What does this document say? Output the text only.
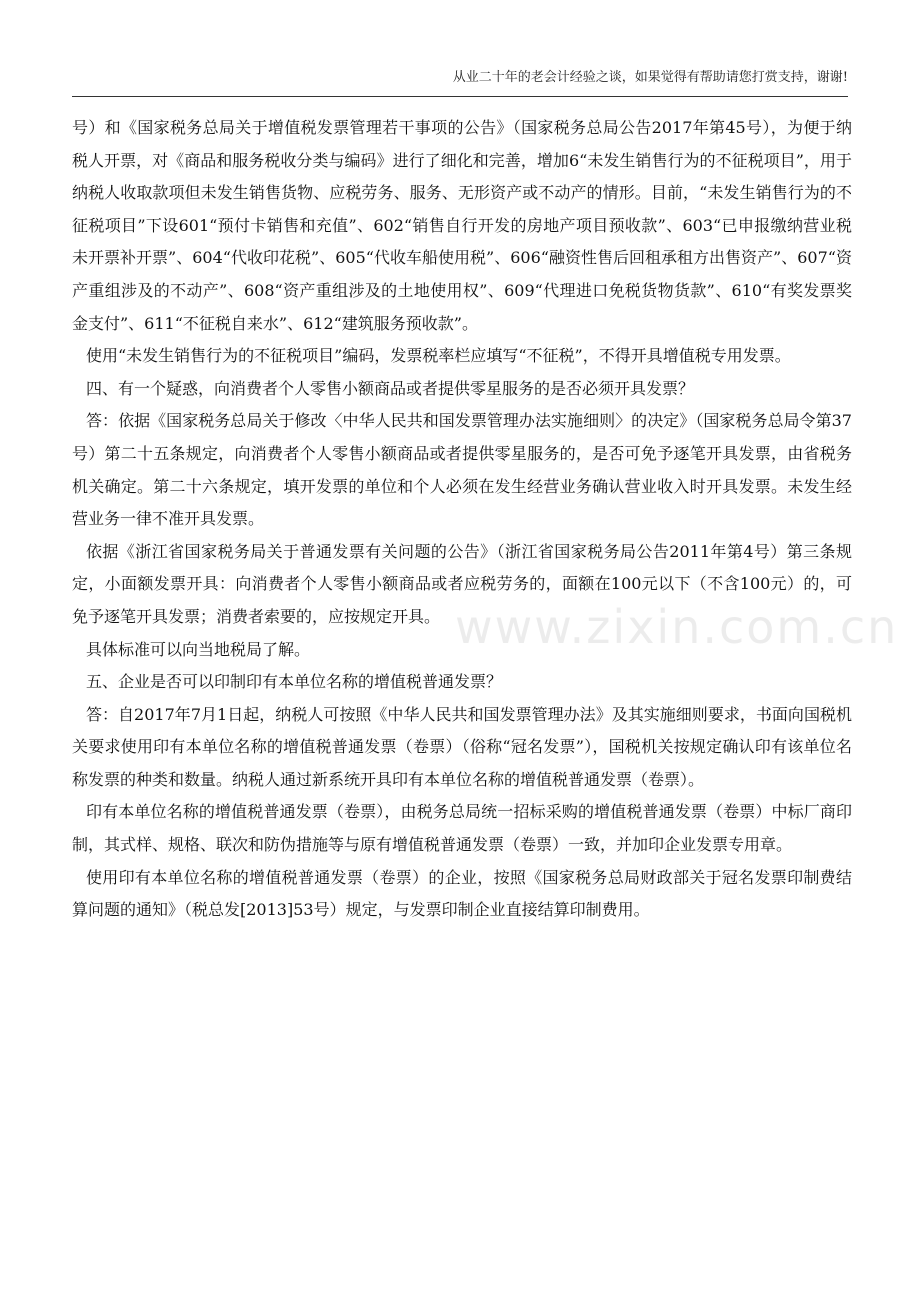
从业二十年的老会计经验之谈，如果觉得有帮助请您打赏支持，谢谢!
www.zixin.com.cn

号）和《国家税务总局关于增值税发票管理若干事项的公告》（国家税务总局公告2017年第45号），为便于纳税人开票，对《商品和服务税收分类与编码》进行了细化和完善，增加6“未发生销售行为的不征税项目”，用于纳税人收取款项但未发生销售货物、应税劳务、服务、无形资产或不动产的情形。目前，“未发生销售行为的不征税项目”下设601“预付卡销售和充值”、602“销售自行开发的房地产项目预收款”、603“已申报缴纳营业税未开票补开票”、604“代收印花税”、605“代收车船使用税”、606“融资性售后回租承租方出售资产”、607“资产重组涉及的不动产”、608“资产重组涉及的土地使用权”、609“代理进口免税货物货款”、610“有奖发票奖金支付”、611“不征税自来水”、612“建筑服务预收款”。

使用“未发生销售行为的不征税项目”编码，发票税率栏应填写“不征税”，不得开具增值税专用发票。

四、有一个疑惑，向消费者个人零售小额商品或者提供零星服务的是否必须开具发票？

答：依据《国家税务总局关于修改〈中华人民共和国发票管理办法实施细则〉的决定》（国家税务总局令第37号）第二十五条规定，向消费者个人零售小额商品或者提供零星服务的，是否可免予逐笔开具发票，由省税务机关确定。第二十六条规定，填开发票的单位和个人必须在发生经营业务确认营业收入时开具发票。未发生经营业务一律不准开具发票。

依据《浙江省国家税务局关于普通发票有关问题的公告》（浙江省国家税务局公告2011年第4号）第三条规定，小面额发票开具：向消费者个人零售小额商品或者应税劳务的，面额在100元以下（不含100元）的，可免予逐笔开具发票；消费者索要的，应按规定开具。

具体标准可以向当地税局了解。

五、企业是否可以印制印有本单位名称的增值税普通发票？

答：自2017年7月1日起，纳税人可按照《中华人民共和国发票管理办法》及其实施细则要求，书面向国税机关要求使用印有本单位名称的增值税普通发票（卷票）（俗称“冠名发票”），国税机关按规定确认印有该单位名称发票的种类和数量。纳税人通过新系统开具印有本单位名称的增值税普通发票（卷票）。

印有本单位名称的增值税普通发票（卷票），由税务总局统一招标采购的增值税普通发票（卷票）中标厂商印制，其式样、规格、联次和防伪措施等与原有增值税普通发票（卷票）一致，并加印企业发票专用章。

使用印有本单位名称的增值税普通发票（卷票）的企业，按照《国家税务总局财政部关于冠名发票印制费结算问题的通知》（税总发[2013]53号）规定，与发票印制企业直接结算印制费用。
